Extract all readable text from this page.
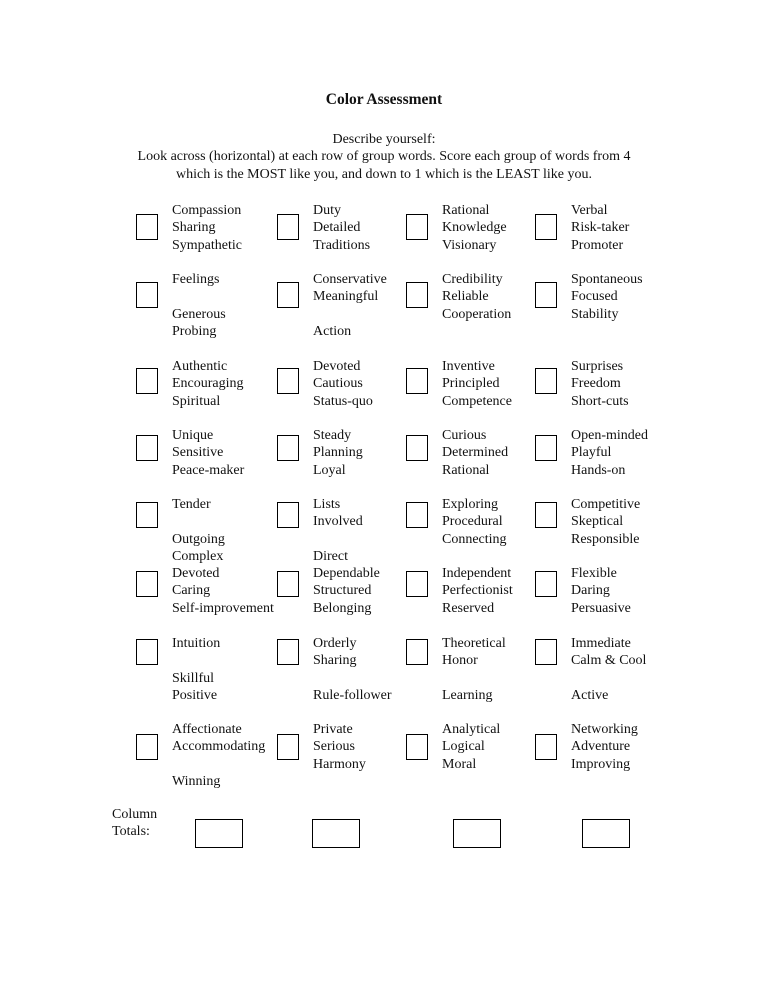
Color Assessment
Describe yourself:
Look across (horizontal) at each row of group words. Score each group of words from 4
which is the MOST like you, and down to 1 which is the LEAST like you.
Compassion
Sharing
Sympathetic
Duty
Detailed
Traditions
Rational
Knowledge
Visionary
Verbal
Risk-taker
Promoter
Feelings

Generous
Probing
Conservative
Meaningful

Action
Credibility
Reliable
Cooperation
Spontaneous
Focused
Stability
Authentic
Encouraging
Spiritual
Devoted
Cautious
Status-quo
Inventive
Principled
Competence
Surprises
Freedom
Short-cuts
Unique
Sensitive
Peace-maker
Steady
Planning
Loyal
Curious
Determined
Rational
Open-minded
Playful
Hands-on
Tender

Outgoing
Complex
Lists
Involved

Direct
Exploring
Procedural
Connecting
Competitive
Skeptical
Responsible
Devoted
Caring
Self-improvement
Dependable
Structured
Belonging
Independent
Perfectionist
Reserved
Flexible
Daring
Persuasive
Intuition

Skillful
Positive
Orderly
Sharing

Rule-follower
Theoretical
Honor

Learning
Immediate
Calm & Cool

Active
Affectionate
Accommodating

Winning
Private
Serious
Harmony
Analytical
Logical
Moral
Networking
Adventure
Improving
Column
Totals:
